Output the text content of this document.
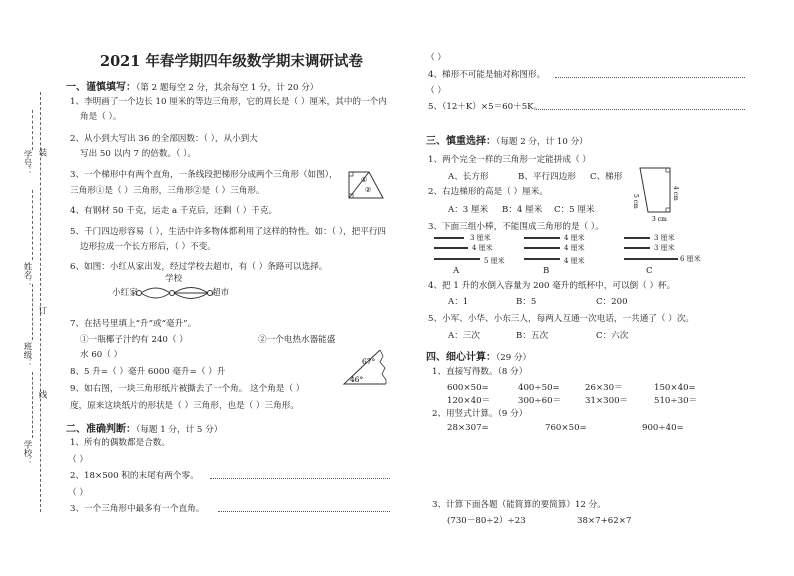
学号：
姓名：
班级：
学校：
装
订
线
2021 年春学期四年级数学期末调研试卷
一、谨慎填写：（第 2 题每空 2 分，其余每空 1 分，计 20 分）
1、李明画了一个边长 10 厘米的等边三角形，它的周长是（ ）厘米，其中的一个内
角是（ ）。
2、从小到大写出 36 的全部因数：（ ），从小到大
写出 50 以内 7 的倍数。（ ）。
3、一个梯形中有两个直角，一条线段把梯形分成两个三角形（如图），
三角形①是（ ）三角形，三角形②是（ ）三角形。
①
②
4、有钢材 50 千克，运走 a 千克后，还剩（ ）千克。
5、千门四边形容易（ ），生活中许多物体都利用了这样的特性。如：（ ），把平行四
边形拉成一个长方形后，（ ）不变。
6、如图：小红从家出发，经过学校去超市，有（ ）条路可以选择。
小红家
学校
超市
7、在括号里填上“升”或“毫升”。
①一瓶椰子汁约有 240（ ）	②一个电热水器能盛
水 60（ ）
8、5 升=（ ）毫升 6000 毫升=（ ）升
67°
46°
9、如右图，一块三角形纸片被撕去了一个角。 这个角是（ ）
度，原来这块纸片的形状是（ ）三角形，也是（ ）三角形。
二、准确判断：（每题 1 分，计 5 分）
1、所有的偶数都是合数。
（ ）
2、18×500 积的末尾有两个零。
（ ）
3、一个三角形中最多有一个直角。
（ ）
4、梯形不可能是轴对称图形。
（ ）
5、（12＋K）×5＝60＋5K。
三、慎重选择：（每题 2 分，计 10 分）
1、两个完全一样的三角形一定能拼成（ ）
A、长方形	B、平行四边形 C、梯形
2、右边梯形的高是（ ）厘米。
A：3 厘米 B：4 厘米 C：5 厘米
5 cm
4 cm
3 cm
3、下面三组小棒，不能围成三角形的是（ ）。
3 厘米
4 厘米
5 厘米
4 厘米
4 厘米
4 厘米
3 厘米
3 厘米
6 厘米
A	B	C
4、把 1 升的水倒入容量为 200 毫升的纸杯中，可以倒（ ）杯。
A：1	B：5	C：200
5、小军、小华、小东三人，每两人互通一次电话，一共通了（ ）次。
A：三次	B：五次	C：六次
四、细心计算：（29 分）
1、直接写得数。（8 分）
600×50=	400÷50=	26×30＝	150×40=
120×40＝	300÷60＝	31×300＝	510÷30＝
2、用竖式计算。（9 分）
28×307=	760×50=	900÷40=
3、计算下面各题（能简算的要简算）12 分。
(730－80÷2）÷23	38×7+62×7
